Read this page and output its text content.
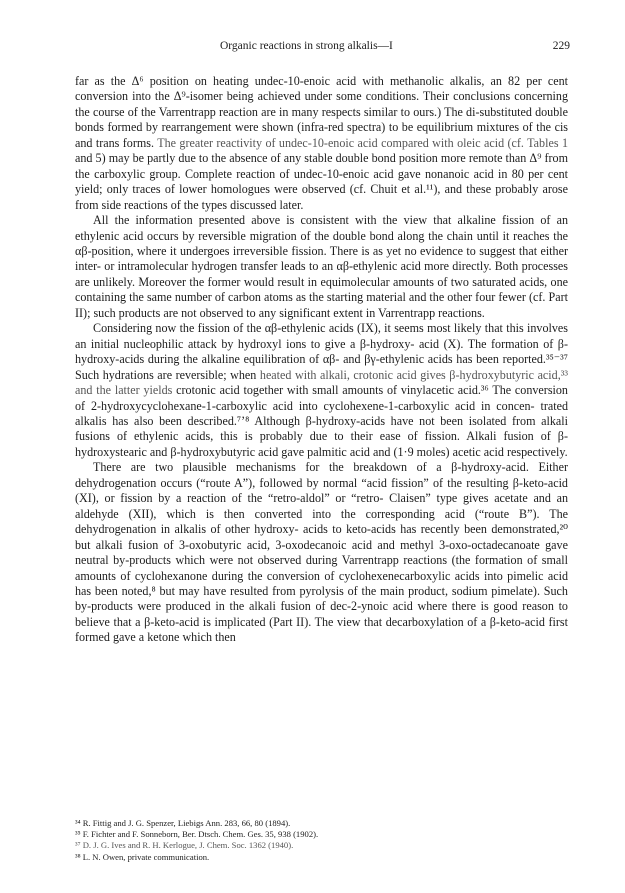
Organic reactions in strong alkalis—I	229

far as the Δ⁶ position on heating undec-10-enoic acid with methanolic alkalis, an 82 per cent conversion into the Δ⁹-isomer being achieved under some conditions. Their conclusions concerning the course of the Varrentrapp reaction are in many respects similar to ours.) The di-substituted double bonds formed by rearrangement were shown (infra-red spectra) to be equilibrium mixtures of the cis and trans forms. The greater reactivity of undec-10-enoic acid compared with oleic acid (cf. Tables 1 and 5) may be partly due to the absence of any stable double bond position more remote than Δ⁹ from the carboxylic group. Complete reaction of undec-10-enoic acid gave nonanoic acid in 80 per cent yield; only traces of lower homologues were observed (cf. Chuit et al.¹¹), and these probably arose from side reactions of the types discussed later.

All the information presented above is consistent with the view that alkaline fission of an ethylenic acid occurs by reversible migration of the double bond along the chain until it reaches the αβ-position, where it undergoes irreversible fission. There is as yet no evidence to suggest that either inter- or intramolecular hydrogen transfer leads to an αβ-ethylenic acid more directly. Both processes are unlikely. Moreover the former would result in equimolecular amounts of two saturated acids, one containing the same number of carbon atoms as the starting material and the other four fewer (cf. Part II); such products are not observed to any significant extent in Varrentrapp reactions.

Considering now the fission of the αβ-ethylenic acids (IX), it seems most likely that this involves an initial nucleophilic attack by hydroxyl ions to give a β-hydroxy- acid (X). The formation of β-hydroxy-acids during the alkaline equilibration of αβ- and βγ-ethylenic acids has been reported.³⁵⁻³⁷ Such hydrations are reversible; when heated with alkali, crotonic acid gives β-hydroxybutyric acid,³³ and the latter yields crotonic acid together with small amounts of vinylacetic acid.³⁶ The conversion of 2-hydroxycyclohexane-1-carboxylic acid into cyclohexene-1-carboxylic acid in concen- trated alkalis has also been described.⁷ʼ⁸ Although β-hydroxy-acids have not been isolated from alkali fusions of ethylenic acids, this is probably due to their ease of fission. Alkali fusion of β-hydroxystearic and β-hydroxybutyric acid gave palmitic acid and (1·9 moles) acetic acid respectively.

There are two plausible mechanisms for the breakdown of a β-hydroxy-acid. Either dehydrogenation occurs (“route A”), followed by normal “acid fission” of the resulting β-keto-acid (XI), or fission by a reaction of the “retro-aldol” or “retro- Claisen” type gives acetate and an aldehyde (XII), which is then converted into the corresponding acid (“route B”). The dehydrogenation in alkalis of other hydroxy- acids to keto-acids has recently been demonstrated,²⁰ but alkali fusion of 3-oxobutyric acid, 3-oxodecanoic acid and methyl 3-oxo-octadecanoate gave neutral by-products which were not observed during Varrentrapp reactions (the formation of small amounts of cyclohexanone during the conversion of cyclohexenecarboxylic acids into pimelic acid has been noted,⁸ but may have resulted from pyrolysis of the main product, sodium pimelate). Such by-products were produced in the alkali fusion of dec-2-ynoic acid where there is good reason to believe that a β-keto-acid is implicated (Part II). The view that decarboxylation of a β-keto-acid first formed gave a ketone which then

³⁴ R. Fittig and J. G. Spenzer, Liebigs Ann. 283, 66, 80 (1894).
³⁵ F. Fichter and F. Sonneborn, Ber. Dtsch. Chem. Ges. 35, 938 (1902).
³⁷ D. J. G. Ives and R. H. Kerlogue, J. Chem. Soc. 1362 (1940).
³⁸ L. N. Owen, private communication.
